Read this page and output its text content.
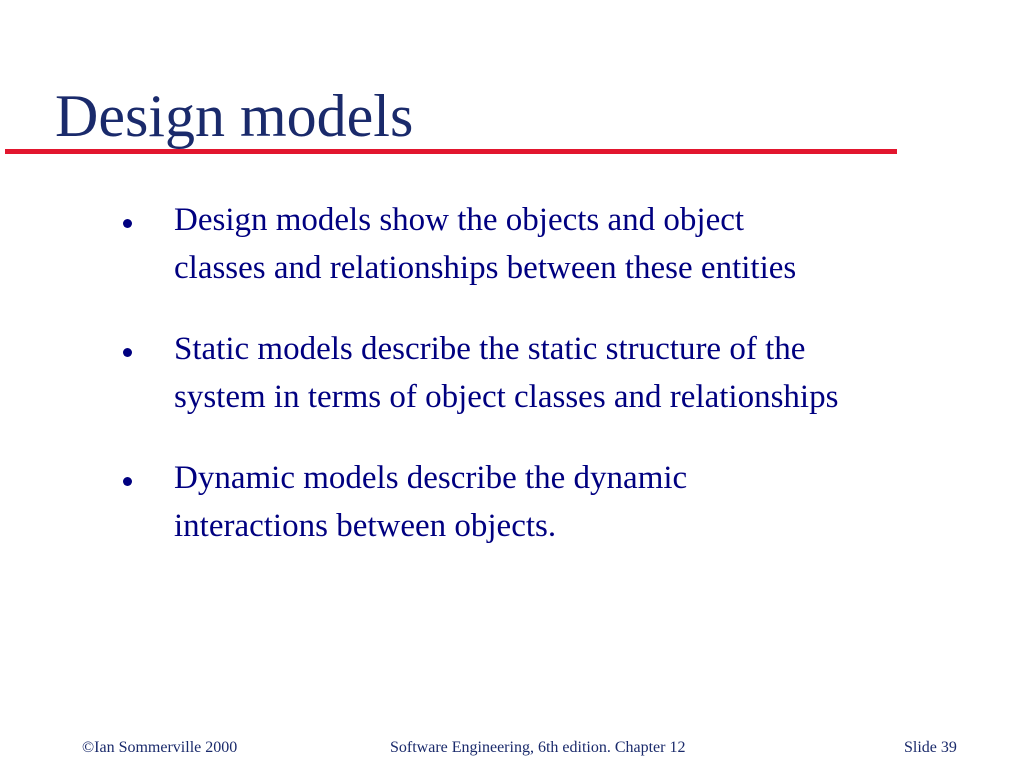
Design models
Design models show the objects and object
classes and relationships between these entities
Static models describe the static structure of the
system in terms of object classes and relationships
Dynamic models describe the dynamic
interactions between objects.
©Ian Sommerville 2000	Software Engineering, 6th edition. Chapter 12	Slide 39
